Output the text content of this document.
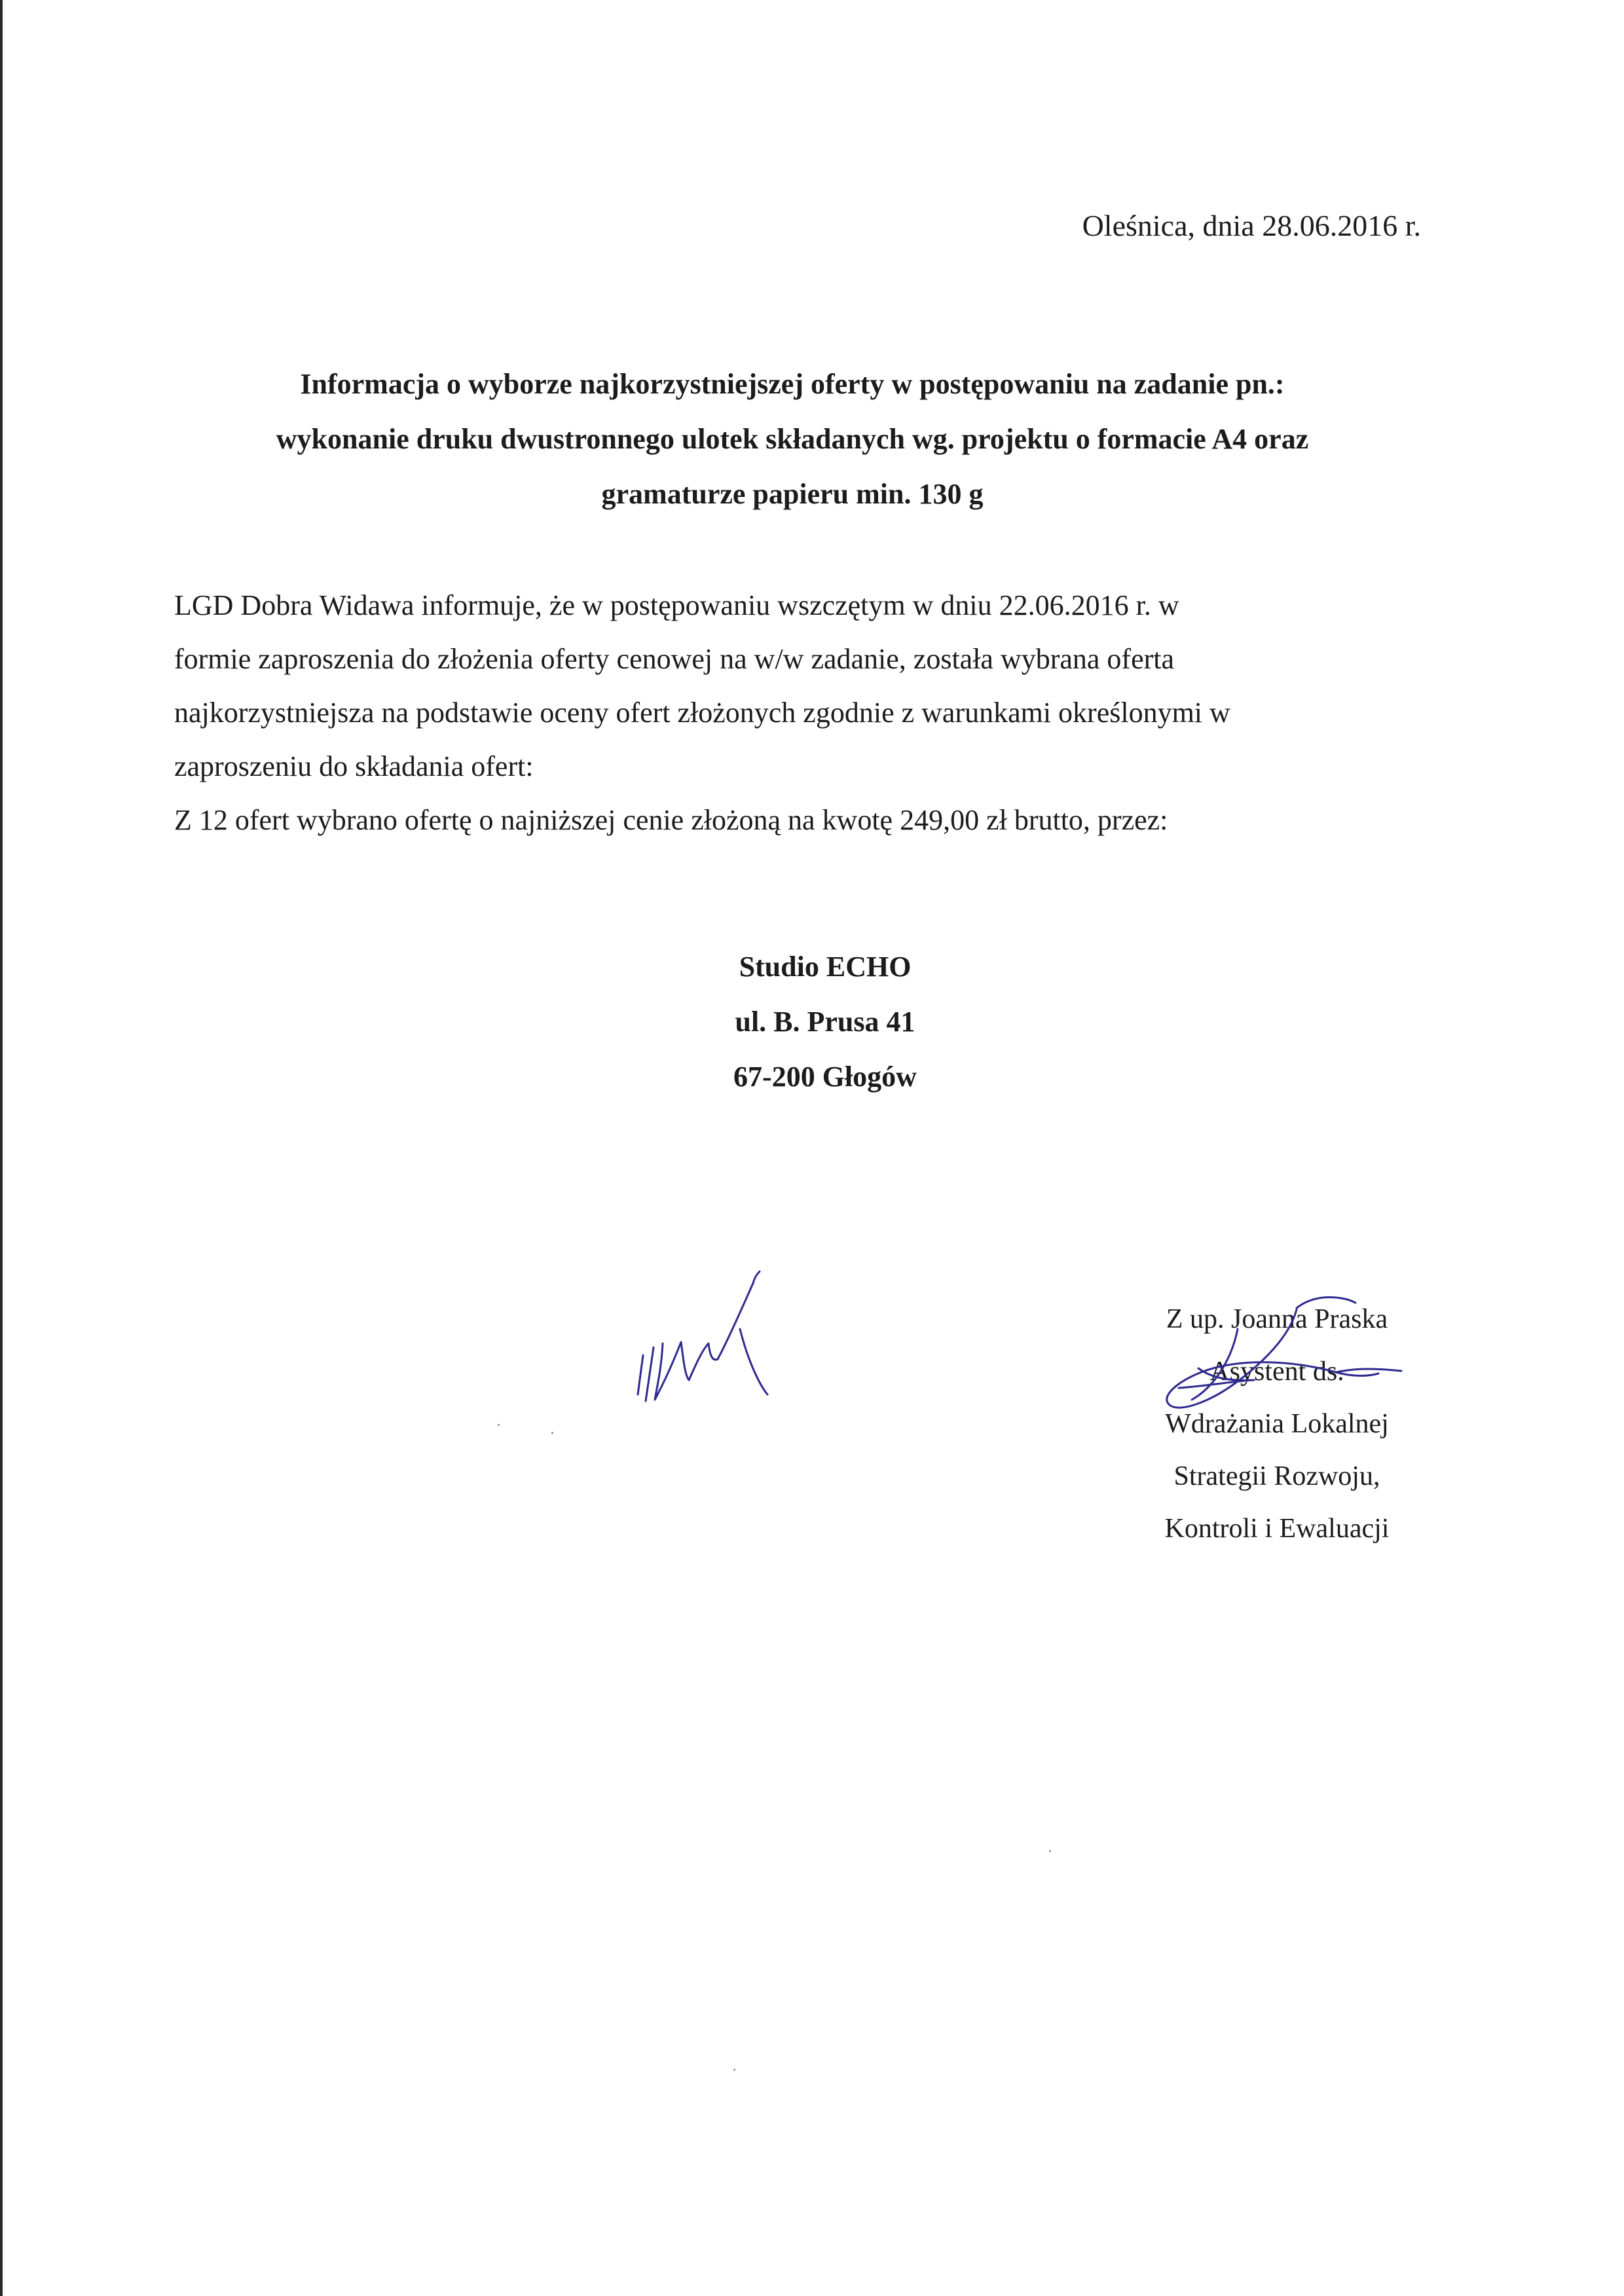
Oleśnica, dnia 28.06.2016 r.
Informacja o wyborze najkorzystniejszej oferty w postępowaniu na zadanie pn.:
wykonanie druku dwustronnego ulotek składanych wg. projektu o formacie A4 oraz
gramaturze papieru min. 130 g
LGD Dobra Widawa informuje, że w postępowaniu wszczętym w dniu 22.06.2016 r. w
formie zaproszenia do złożenia oferty cenowej na w/w zadanie, została wybrana oferta
najkorzystniejsza na podstawie oceny ofert złożonych zgodnie z warunkami określonymi w
zaproszeniu do składania ofert:
Z 12 ofert wybrano ofertę o najniższej cenie złożoną na kwotę 249,00 zł brutto, przez:
Studio ECHO
ul. B. Prusa 41
67-200 Głogów
Z up. Joanna Praska
Asystent ds.
Wdrażania Lokalnej
Strategii Rozwoju,
Kontroli i Ewaluacji
